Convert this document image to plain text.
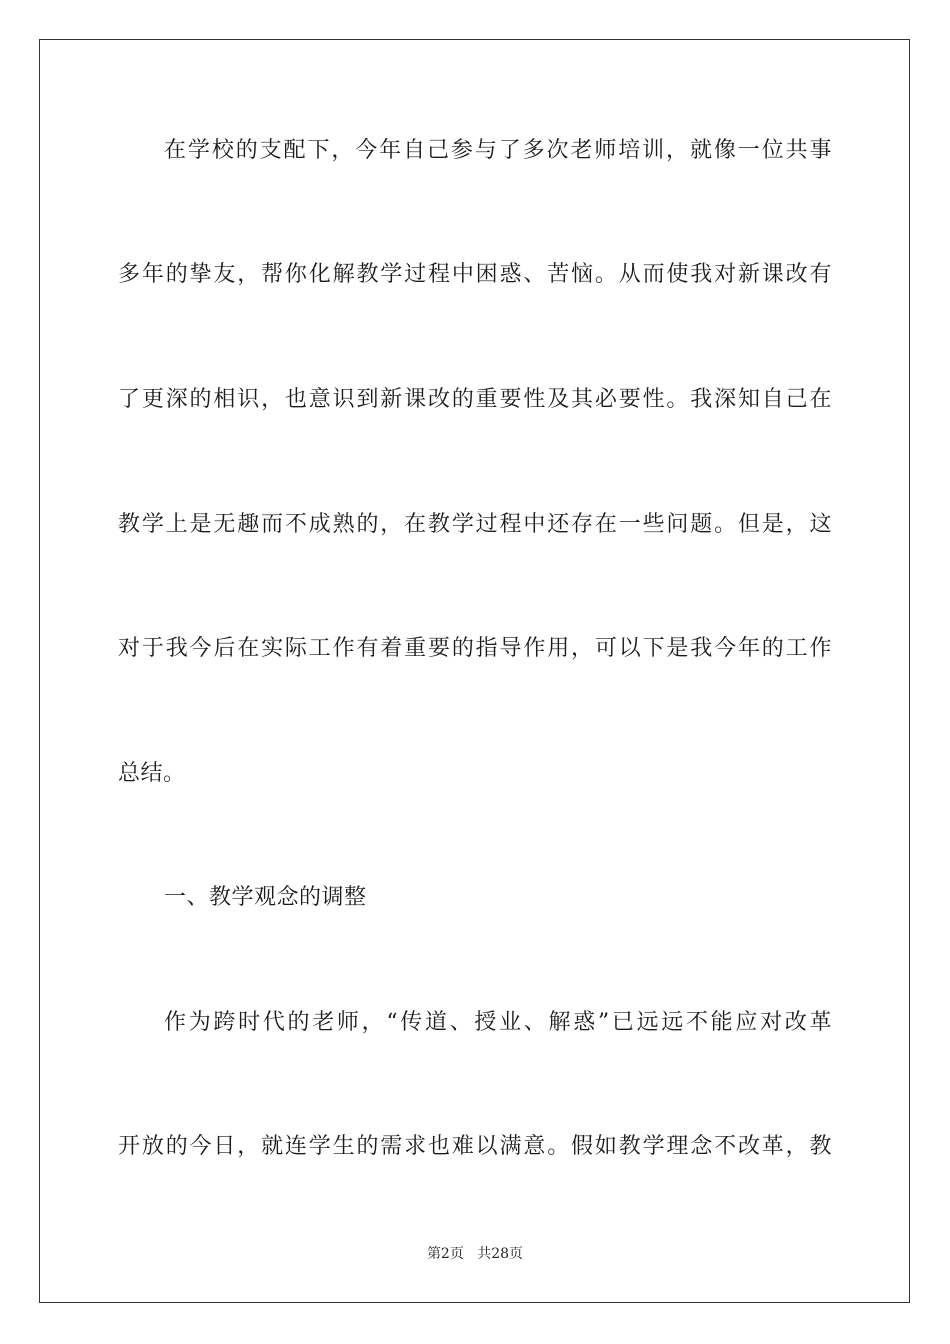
在学校的支配下，今年自己参与了多次老师培训，就像一位共事
多年的挚友，帮你化解教学过程中困惑、苦恼。从而使我对新课改有
了更深的相识，也意识到新课改的重要性及其必要性。我深知自己在
教学上是无趣而不成熟的，在教学过程中还存在一些问题。但是，这
对于我今后在实际工作有着重要的指导作用，可以下是我今年的工作
总结。
一、教学观念的调整
作为跨时代的老师，“传道、授业、解惑”已远远不能应对改革
开放的今日，就连学生的需求也难以满意。假如教学理念不改革，教
第2页 共28页
